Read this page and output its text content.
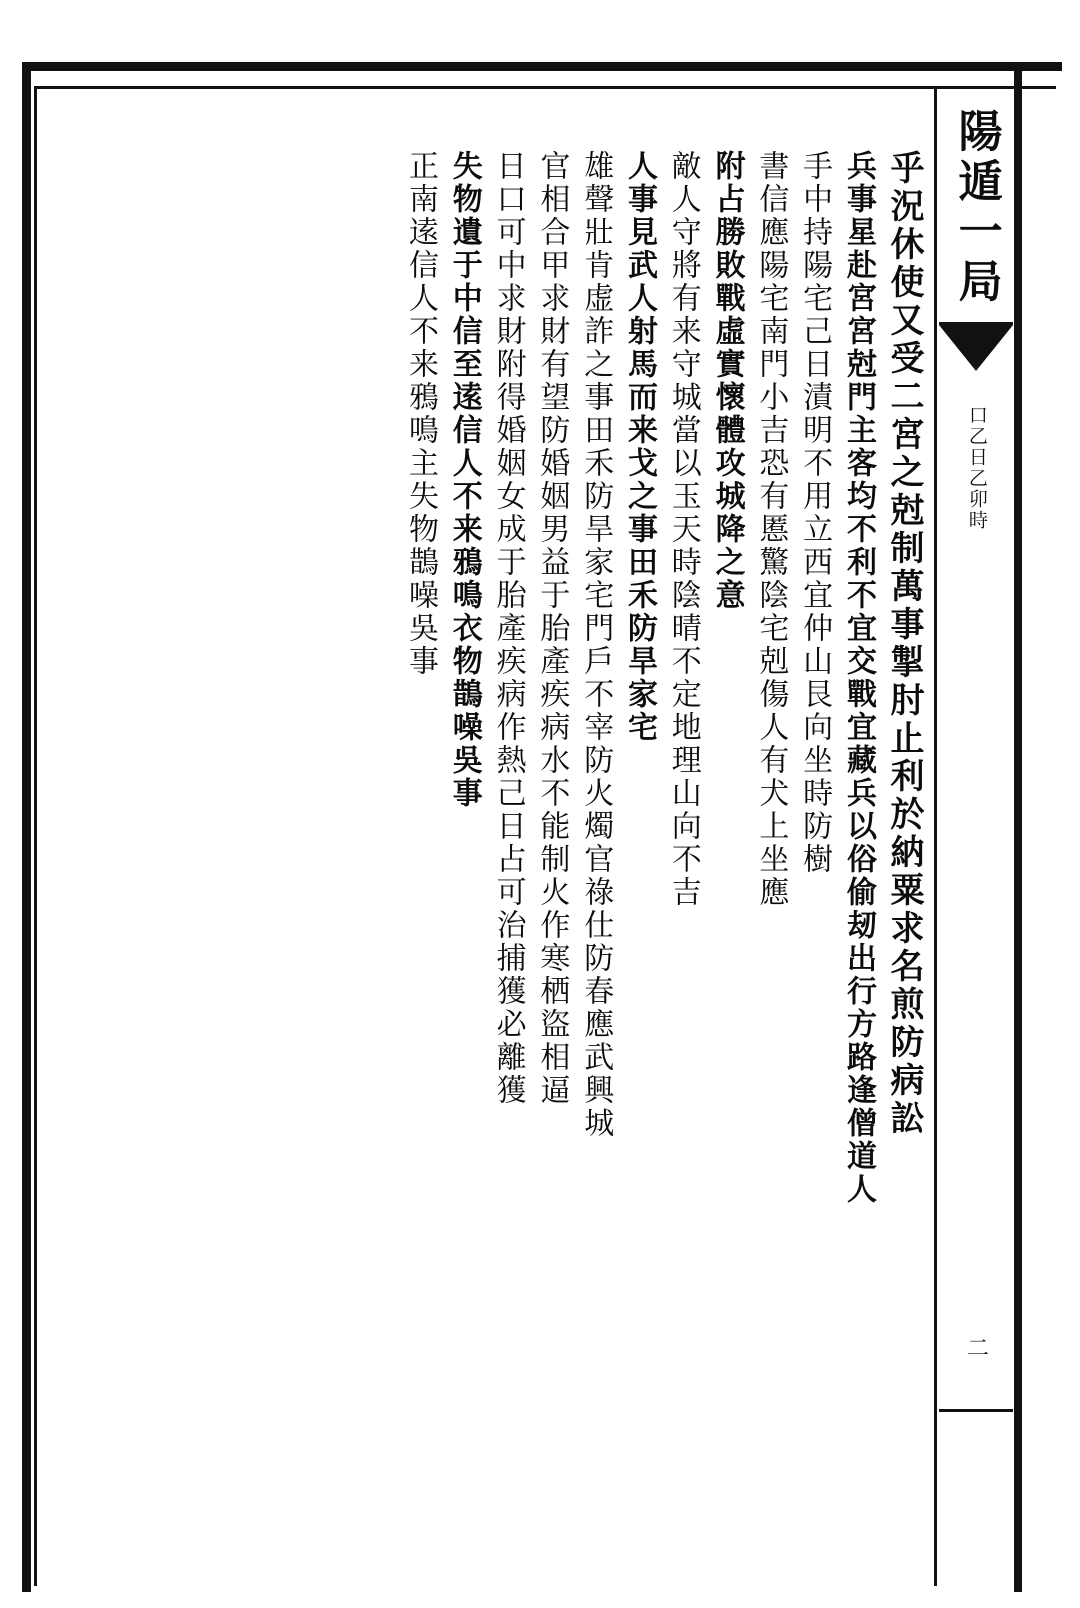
陽遁一局
口乙日乙卯時
二
乎況休使又受二宮之尅制萬事掣肘止利於納粟求名煎防病訟
兵事星赴宮宮尅門主客均不利不宜交戰宜藏兵以俗偷刼出行方路逢僧道人
手中持陽宅己日漬明不用立西宜仲山艮向坐時防樹
書信應陽宅南門小吉恐有慝驚陰宅剋傷人有犬上坐應
附占勝敗戰虛實懷體攻城降之意
敵人守將有来守城當以玉天時陰晴不定地理山向不吉
人事見武人射馬而来戈之事田禾防旱家宅
雄聲壯肯虚詐之事田禾防旱家宅門戶不宰防火燭官祿仕防春應武興城
官相合甲求財有望防婚姻男益于胎產疾病水不能制火作寒栖盜相逼
日口可中求財附得婚姻女成于胎產疾病作熱己日占可治捕獲必離獲
失物遺于中信至逺信人不来鴉鳴衣物鵲噪吳事
正南逺信人不来鴉鳴主失物鵲噪吳事
